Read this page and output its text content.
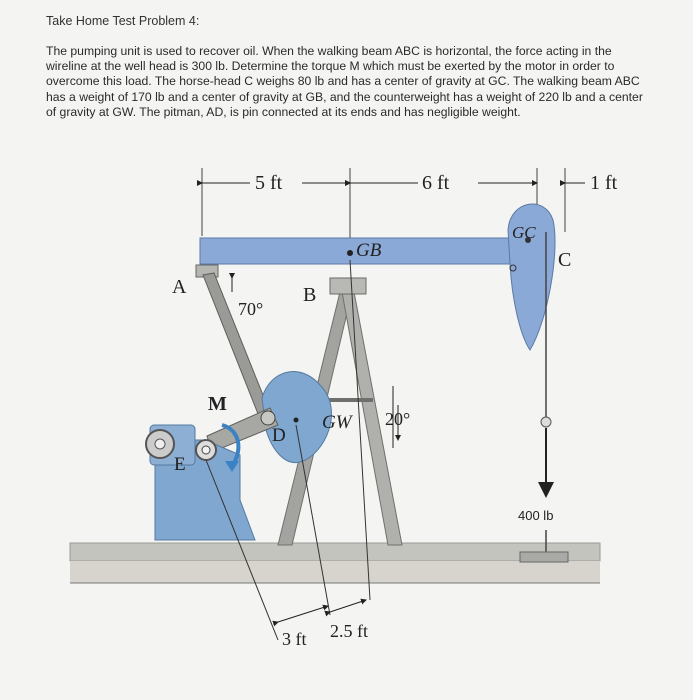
Take Home Test Problem 4:

The pumping unit is used to recover oil. When the walking beam ABC is horizontal, the force acting in the wireline at the well head is 300 lb. Determine the torque M which must be exerted by the motor in order to overcome this load. The horse-head C weighs 80 lb and has a center of gravity at GC. The walking beam ABC has a weight of 170 lb and a center of gravity at GB, and the counterweight has a weight of 220 lb and a center of gravity at GW. The pitman, AD, is pin connected at its ends and has negligible weight.

5 ft	6 ft	1 ft
GB
GC
C
400 lb
A	B
70°
D
GW 20°
E
M
3 ft 2.5 ft
